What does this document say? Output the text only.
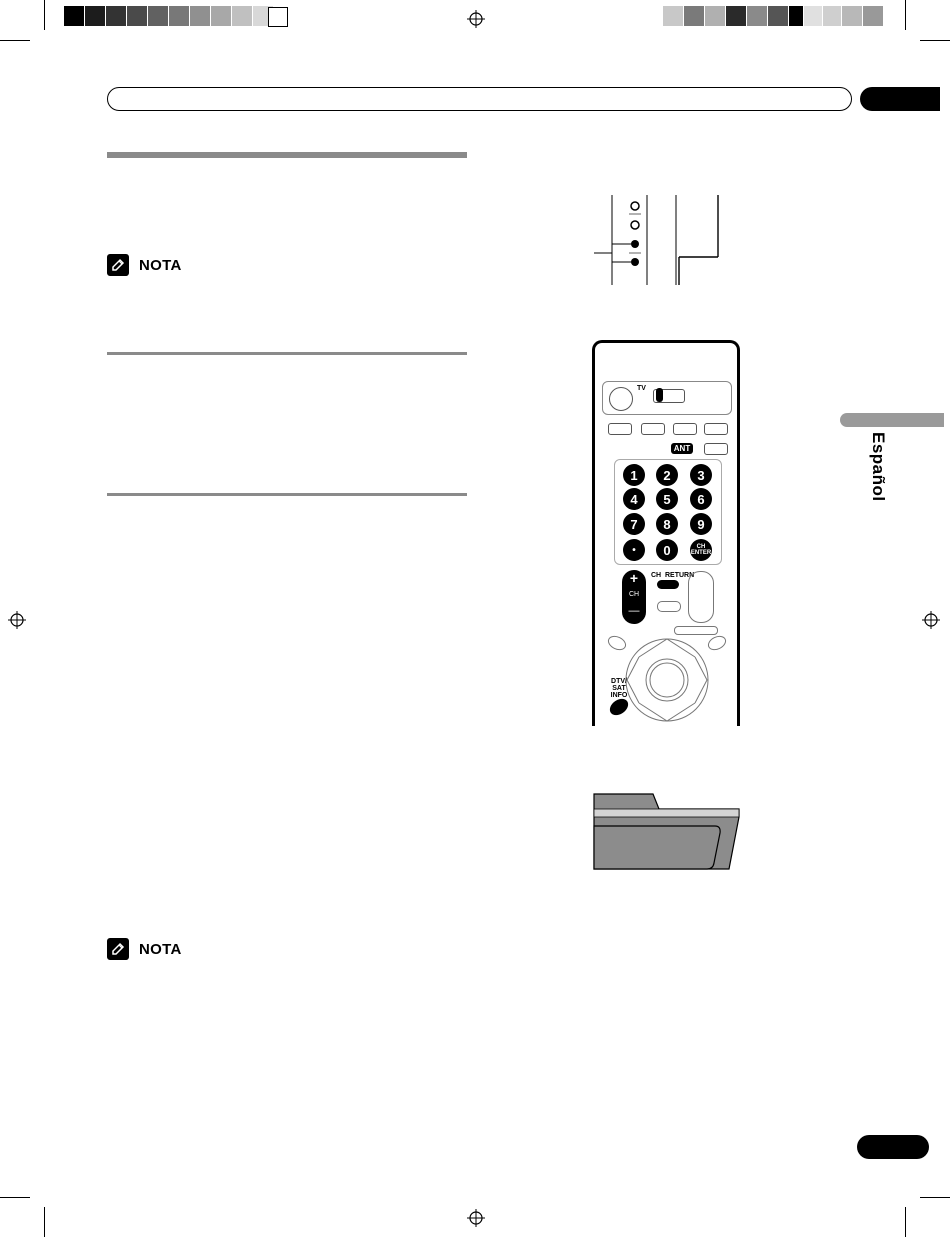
NOTA
NOTA
Español
TV
ANT
1	2	3
4	5	6
7	8	9
•	0	CH ENTER
+
CH
—
CH  RETURN
DTV/ SAT INFO
